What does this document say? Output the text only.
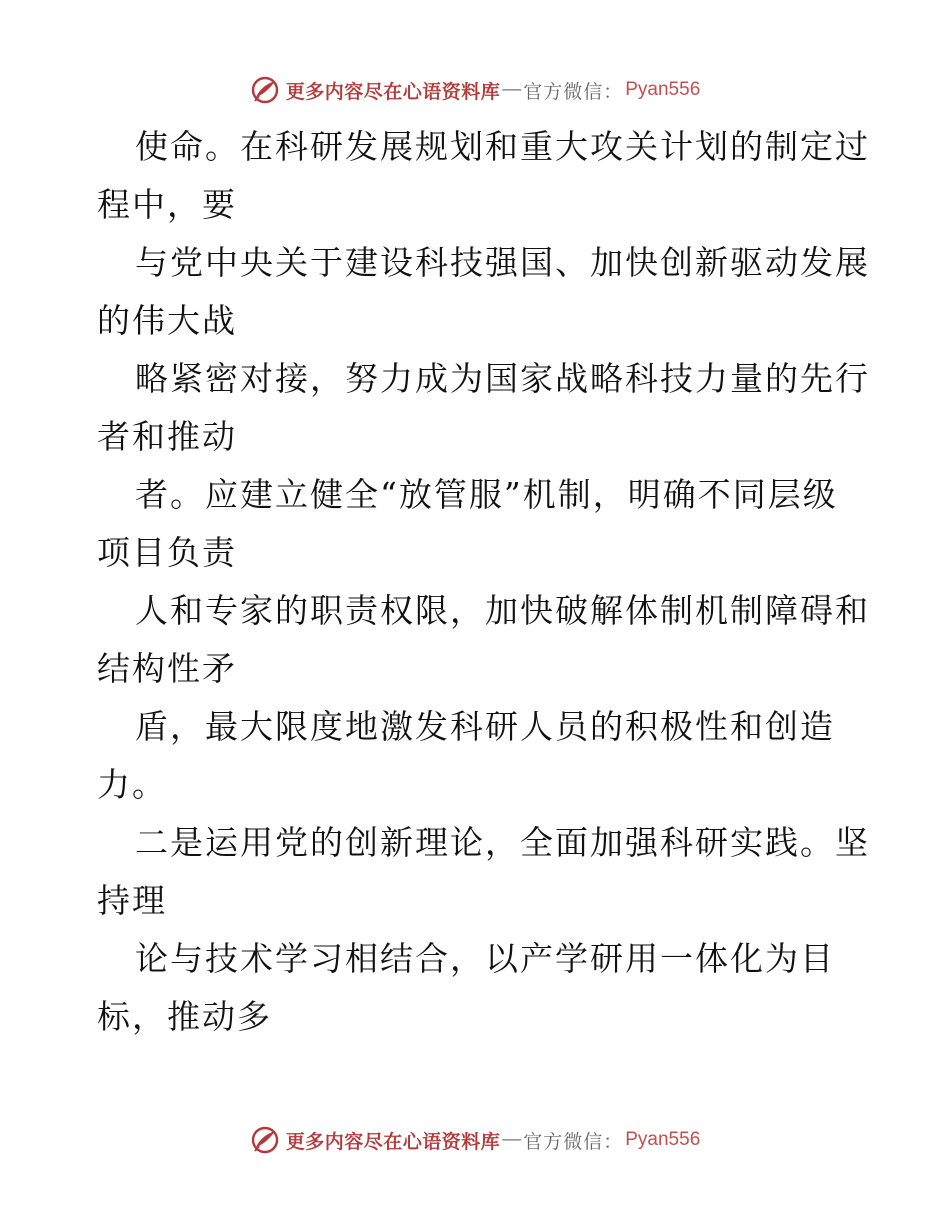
更多内容尽在心语资料库 — 官方微信： Pyan556

使命。在科研发展规划和重大攻关计划的制定过

程中，要

与党中央关于建设科技强国、加快创新驱动发展

的伟大战

略紧密对接，努力成为国家战略科技力量的先行

者和推动

者。应建立健全“放管服”机制，明确不同层级

项目负责

人和专家的职责权限，加快破解体制机制障碍和

结构性矛

盾，最大限度地激发科研人员的积极性和创造

力。

二是运用党的创新理论，全面加强科研实践。坚

持理

论与技术学习相结合，以产学研用一体化为目

标，推动多

更多内容尽在心语资料库 — 官方微信： Pyan556
